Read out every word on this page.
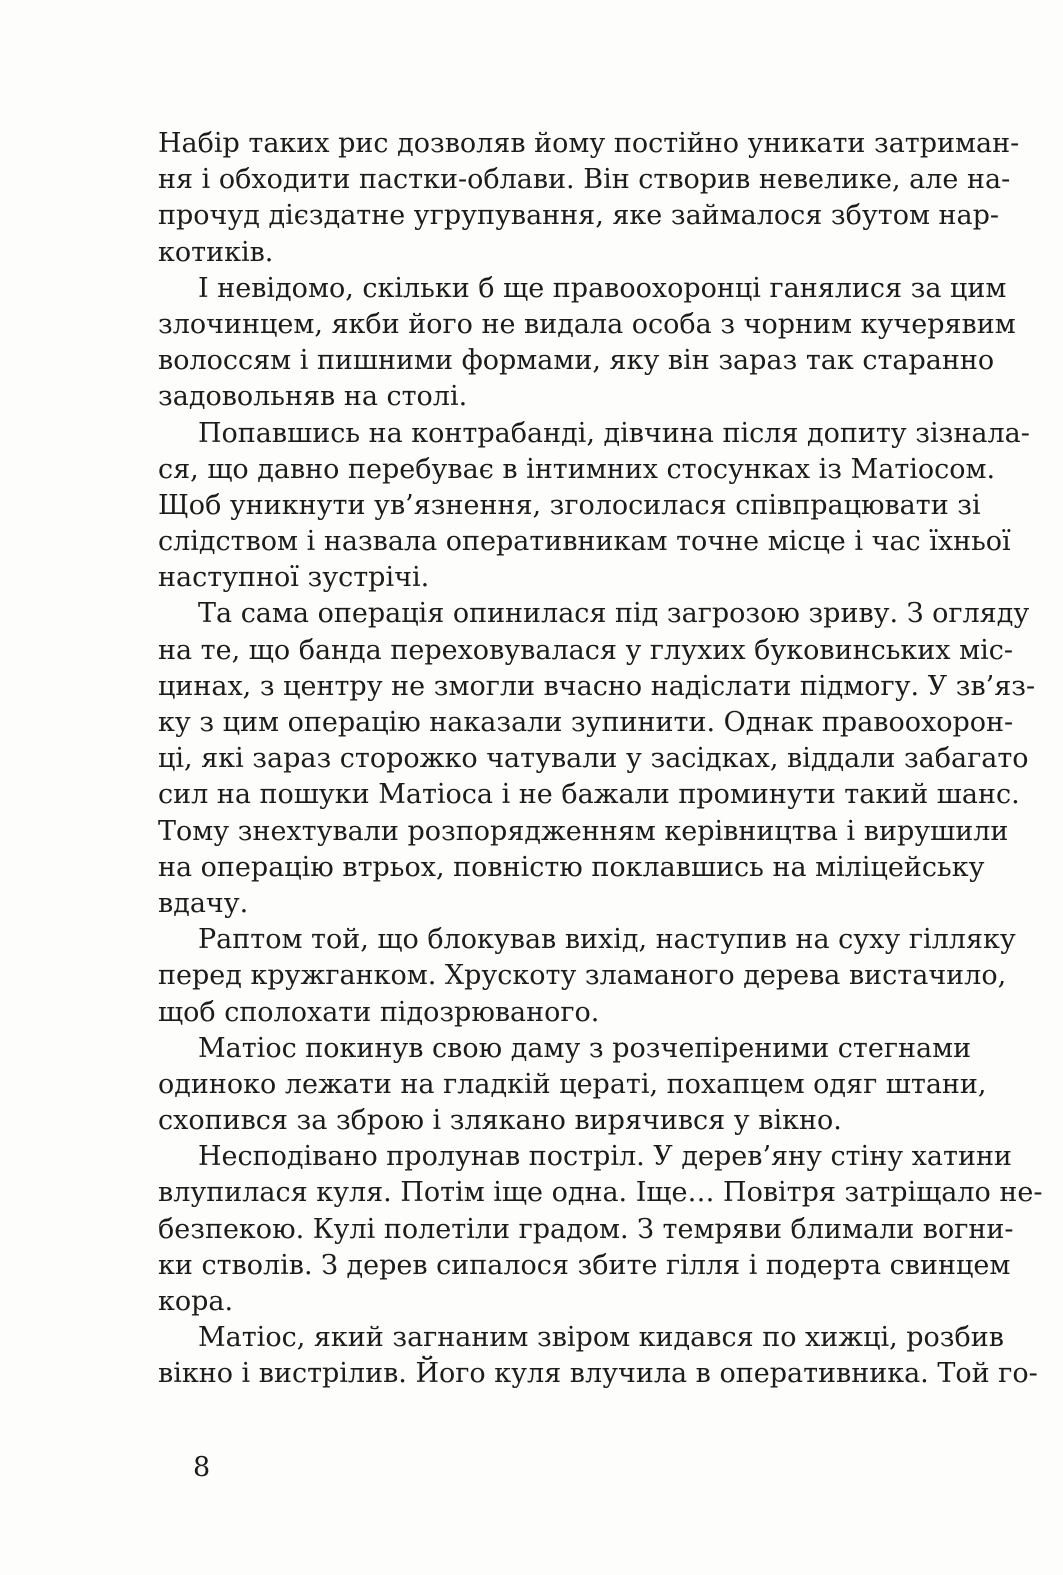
Набір таких рис дозволяв йому постійно уникати затриман-
ня і обходити пастки-облави. Він створив невелике, але на-
прочуд дієздатне угрупування, яке займалося збутом нар-
котиків.
І невідомо, скільки б ще правоохоронці ганялися за цим
злочинцем, якби його не видала особа з чорним кучерявим
волоссям і пишними формами, яку він зараз так старанно
задовольняв на столі.
Попавшись на контрабанді, дівчина після допиту зізнала-
ся, що давно перебуває в інтимних стосунках із Матіосом.
Щоб уникнути ув’язнення, зголосилася співпрацювати зі
слідством і назвала оперативникам точне місце і час їхньої
наступної зустрічі.
Та сама операція опинилася під загрозою зриву. З огляду
на те, що банда переховувалася у глухих буковинських міс-
цинах, з центру не змогли вчасно надіслати підмогу. У зв’яз-
ку з цим операцію наказали зупинити. Однак правоохорон-
ці, які зараз сторожко чатували у засідках, віддали забагато
сил на пошуки Матіоса і не бажали проминути такий шанс.
Тому знехтували розпорядженням керівництва і вирушили
на операцію втрьох, повністю поклавшись на міліцейську
вдачу.
Раптом той, що блокував вихід, наступив на суху гілляку
перед кружганком. Хрускоту зламаного дерева вистачило,
щоб сполохати підозрюваного.
Матіос покинув свою даму з розчепіреними стегнами
одиноко лежати на гладкій цераті, похапцем одяг штани,
схопився за зброю і злякано вирячився у вікно.
Несподівано пролунав постріл. У дерев’яну стіну хатини
влупилася куля. Потім іще одна. Іще… Повітря затріщало не-
безпекою. Кулі полетіли градом. З темряви блимали вогни-
ки стволів. З дерев сипалося збите гілля і подерта свинцем
кора.
Матіос, який загнаним звіром кидався по хижці, розбив
вікно і вистрілив. Його куля влучила в оперативника. Той го-
8
